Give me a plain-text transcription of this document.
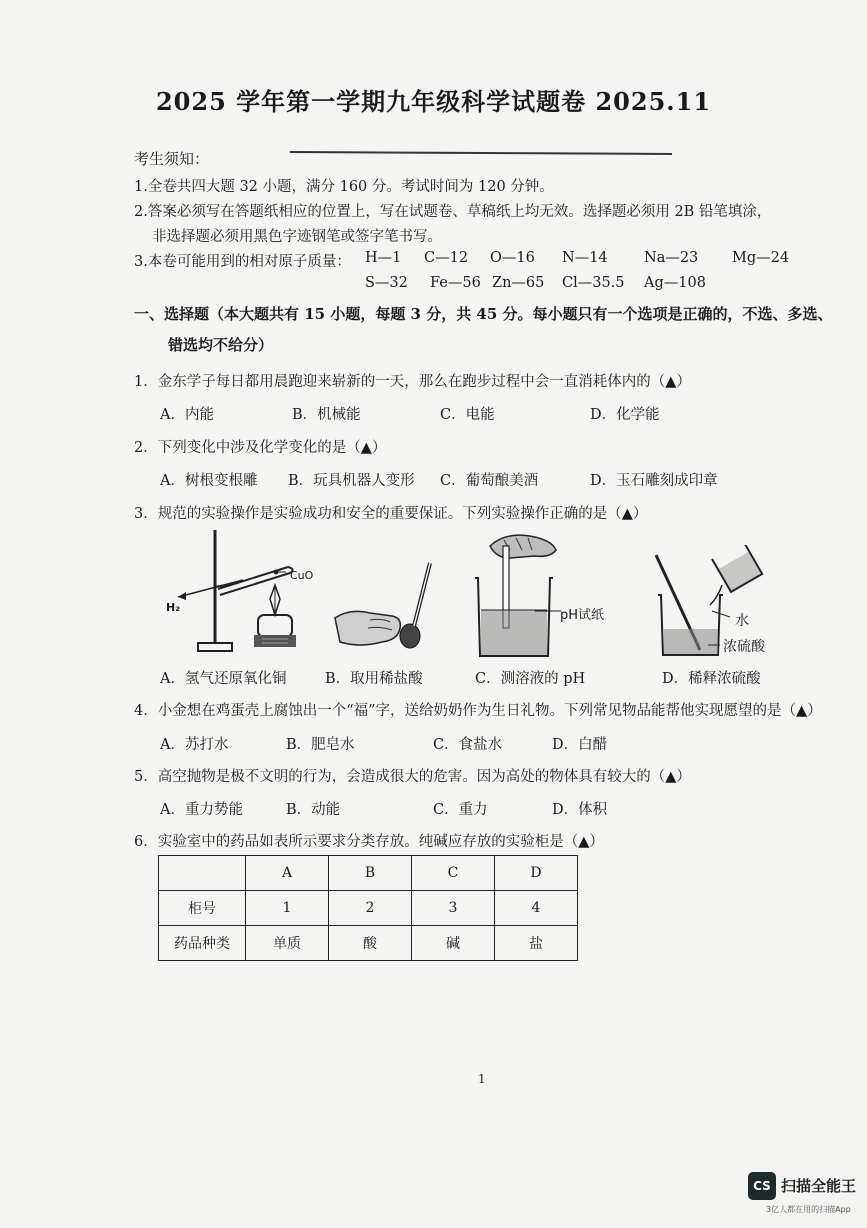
2025 学年第一学期九年级科学试题卷 2025.11
考生须知：
1.全卷共四大题 32 小题，满分 160 分。考试时间为 120 分钟。
2.答案必须写在答题纸相应的位置上，写在试题卷、草稿纸上均无效。选择题必须用 2B 铅笔填涂，
非选择题必须用黑色字迹钢笔或签字笔书写。
3.本卷可能用到的相对原子质量： H—1 C—12 O—16 N—14	Na—23 Mg—24
S—32 Fe—56 Zn—65 Cl—35.5 Ag—108
一、选择题（本大题共有 15 小题，每题 3 分，共 45 分。每小题只有一个选项是正确的，不选、多选、
错选均不给分）
1．金东学子每日都用晨跑迎来崭新的一天，那么在跑步过程中会一直消耗体内的（▲）
A．内能	B．机械能	C．电能	D．化学能
2．下列变化中涉及化学变化的是（▲）
A．树根变根雕 B．玩具机器人变形 C．葡萄酿美酒	D．玉石雕刻成印章
3．规范的实验操作是实验成功和安全的重要保证。下列实验操作正确的是（▲）
CuO
H₂
pH试纸	水
浓硫酸
A．氢气还原氧化铜	B．取用稀盐酸	C．测溶液的 pH	D．稀释浓硫酸
4．小金想在鸡蛋壳上腐蚀出一个“福”字，送给奶奶作为生日礼物。下列常见物品能帮他实现愿望的是（▲）
A．苏打水	B．肥皂水	C．食盐水	D．白醋
5．高空抛物是极不文明的行为，会造成很大的危害。因为高处的物体具有较大的（▲）
A．重力势能	B．动能	C．重力	D．体积
6．实验室中的药品如表所示要求分类存放。纯碱应存放的实验柜是（▲）
	A	B	C	D
柜号	1	2	3	4
药品种类	单质	酸	碱	盐
1
CS 扫描全能王
3亿人都在用的扫描App
